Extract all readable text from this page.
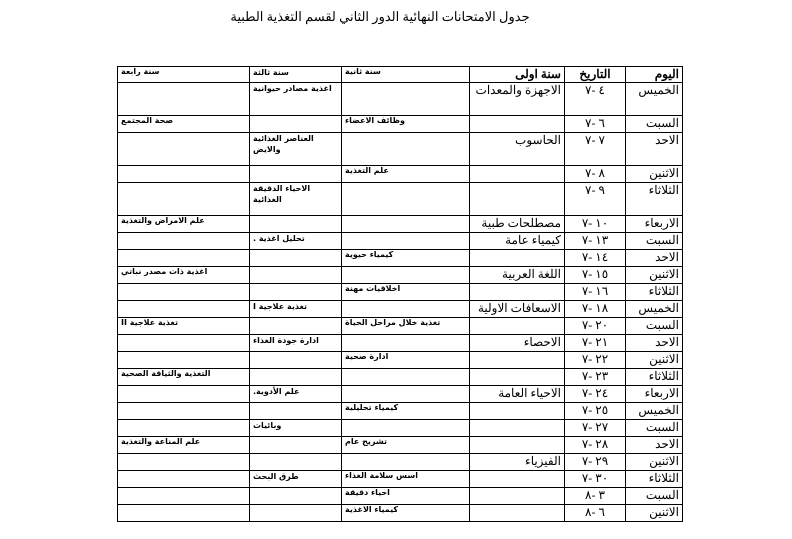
جدول الامتحانات النهائية الدور الثاني لقسم التغذية الطبية
اليوم	التاريخ	سنة اولى	سنة ثانية	سنة ثالثة	سنة رابعة
الخميس	٤ -٧	الاجهزة والمعدات		اغذية مصادر حيوانية	
السبت	٦ -٧		وظائف الاعضاء		صحة المجتمع
الاحد	٧ -٧	الحاسوب		العناصر الغذائية والايض	
الاثنين	٨ -٧		علم التغذية		
الثلاثاء	٩ -٧			الاحياء الدقيقة الغذائية	
الاربعاء	١٠ -٧	مصطلحات طبية			علم الامراض والتغذية
السبت	١٣ -٧	كيمياء عامة		تحليل اغذية .	
الاحد	١٤ -٧		كيمياء حيوية		
الاثنين	١٥ -٧	اللغة العربية			اغذية ذات مصدر نباتي
الثلاثاء	١٦ -٧		اخلاقيات مهنة		
الخميس	١٨ -٧	الاسعافات الاولية		تغذية علاجية I	
السبت	٢٠ -٧		تغذية خلال مراحل الحياة		تغذية علاجية II
الاحد	٢١ -٧	الاحصاء		ادارة جودة الغذاء	
الاثنين	٢٢ -٧		ادارة صحية		
الثلاثاء	٢٣ -٧				التغذية والثياقة الصحية
الاربعاء	٢٤ -٧	الاحياء العامة		علم الأدوية.	
الخميس	٢٥ -٧		كيمياء تحليلية		
السبت	٢٧ -٧			وبائيات	
الاحد	٢٨ -٧		تشريح عام		علم المناعة والتغذية
الاثنين	٢٩ -٧	الفيزياء			
الثلاثاء	٣٠ -٧		اسس سلامة الغذاء	طرق البحث	
السبت	٣ -٨		احياء دقيقة		
الاثنين	٦ -٨		كيمياء الاغذية		
